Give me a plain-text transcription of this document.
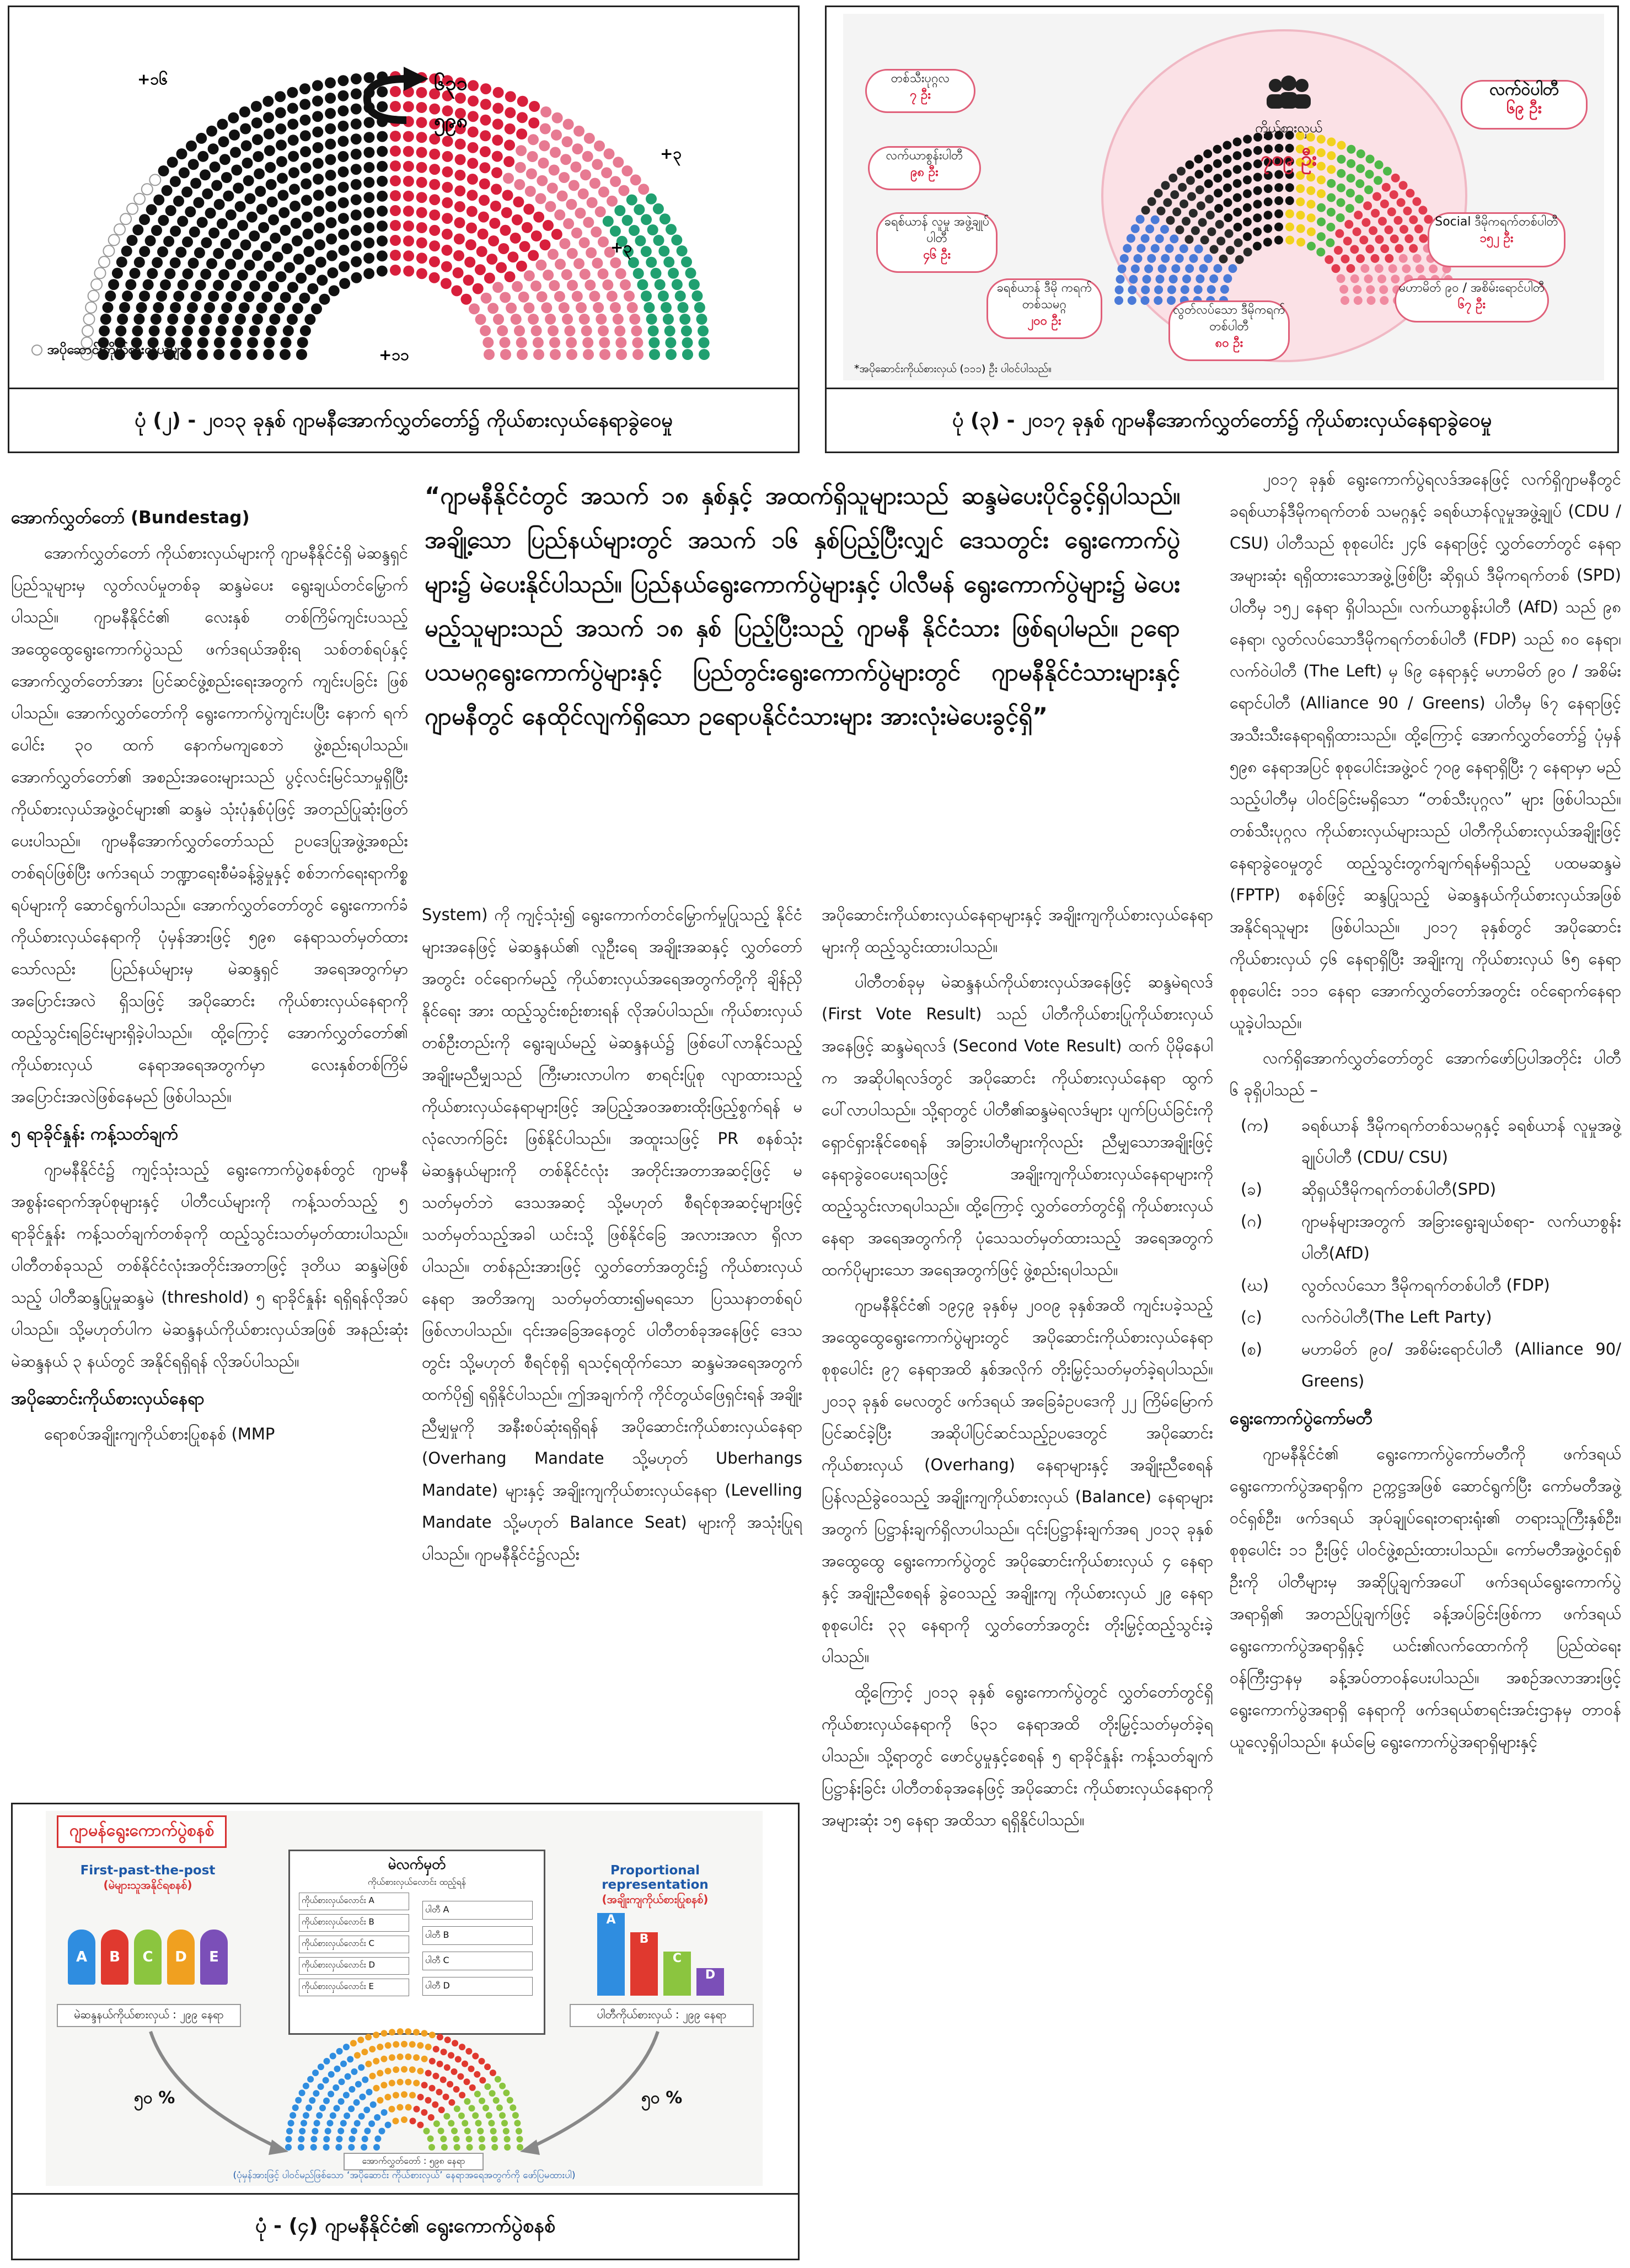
+၁၆
+၃
+၃
+၁၁
၆၃၁
၅၉၈
အပိုဆောင်းကိုယ်စားလှယ်များ
ပုံ (၂) - ၂၀၁၃ ခုနှစ် ဂျာမနီအောက်လွှတ်တော်၌ ကိုယ်စားလှယ်နေရာခွဲဝေမှု
ကိုယ်စားလှယ်
၇၀၉ ဦး
*အပိုဆောင်းကိုယ်စားလှယ် (၁၁၁) ဦး ပါဝင်ပါသည်။
တစ်သီးပုဂ္ဂလ
၇ ဦး
လက်ယာစွန်းပါတီ
၉၈ ဦး
ခရစ်ယာန် လူမှု အဖွဲ့ချုပ်ပါတီ
၄၆ ဦး
ခရစ်ယာန် ဒီမို ကရက်တစ်သမဂ္ဂ
၂၀၀ ဦး
လွတ်လပ်သော ဒီမိုကရက်တစ်ပါတီ
၈၀ ဦး
မဟာမိတ် ၉၀ / အစိမ်းရောင်ပါတီ
၆၇ ဦး
Social ဒီမိုကရက်တစ်ပါတီ
၁၅၂ ဦး
လက်ဝဲပါတီ
၆၉ ဦး
ပုံ (၃) - ၂၀၁၇ ခုနှစ် ဂျာမနီအောက်လွှတ်တော်၌ ကိုယ်စားလှယ်နေရာခွဲဝေမှု
“ဂျာမနီနိုင်ငံတွင် အသက် ၁၈ နှစ်နှင့် အထက်ရှိသူများသည် ဆန္ဒမဲပေးပိုင်ခွင့်ရှိပါသည်။ အချို့သော ပြည်နယ်များတွင် အသက် ၁၆ နှစ်ပြည့်ပြီးလျှင် ဒေသတွင်း ရွေးကောက်ပွဲများ၌ မဲပေးနိုင်ပါသည်။ ပြည်နယ်ရွေးကောက်ပွဲများနှင့် ပါလီမန် ရွေးကောက်ပွဲများ၌ မဲပေးမည့်သူများသည် အသက် ၁၈ နှစ် ပြည့်ပြီးသည့် ဂျာမနီ နိုင်ငံသား ဖြစ်ရပါမည်။ ဥရောပသမဂ္ဂရွေးကောက်ပွဲများနှင့် ပြည်တွင်းရွေးကောက်ပွဲများတွင် ဂျာမနီနိုင်ငံသားများနှင့် ဂျာမနီတွင် နေထိုင်လျက်ရှိသော ဥရောပနိုင်ငံသားများ အားလုံးမဲပေးခွင့်ရှိ”
အောက်လွှတ်တော် (Bundestag)

အောက်လွှတ်တော် ကိုယ်စားလှယ်များကို ဂျာမနီနိုင်ငံရှိ မဲဆန္ဒရှင်ပြည်သူများမှ လွတ်လပ်မှုတစ်ခု ဆန္ဒမဲပေး ရွေးချယ်တင်မြှောက်ပါသည်။ ဂျာမနီနိုင်ငံ၏ လေးနှစ် တစ်ကြိမ်ကျင်းပသည့် အထွေထွေရွေးကောက်ပွဲသည် ဖက်ဒရယ်အစိုးရ သစ်တစ်ရပ်နှင့် အောက်လွှတ်တော်အား ပြင်ဆင်ဖွဲ့စည်းရေးအတွက် ကျင်းပခြင်း ဖြစ်ပါသည်။ အောက်လွှတ်တော်ကို ရွေးကောက်ပွဲကျင်းပပြီး နောက် ရက်ပေါင်း ၃၀ ထက် နောက်မကျစေဘဲ ဖွဲ့စည်းရပါသည်။ အောက်လွှတ်တော်၏ အစည်းအဝေးများသည် ပွင့်လင်းမြင်သာမှုရှိပြီး ကိုယ်စားလှယ်အဖွဲ့ဝင်များ၏ ဆန္ဒမဲ သုံးပုံနှစ်ပုံဖြင့် အတည်ပြုဆုံးဖြတ်ပေးပါသည်။ ဂျာမနီအောက်လွှတ်တော်သည် ဥပဒေပြုအဖွဲ့အစည်းတစ်ရပ်ဖြစ်ပြီး ဖက်ဒရယ် ဘဏ္ဍာရေးစီမံခန့်ခွဲမှုနှင့် စစ်ဘက်ရေးရာကိစ္စရပ်များကို ဆောင်ရွက်ပါသည်။ အောက်လွှတ်တော်တွင် ရွေးကောက်ခံကိုယ်စားလှယ်နေရာကို ပုံမှန်အားဖြင့် ၅၉၈ နေရာသတ်မှတ်ထားသော်လည်း ပြည်နယ်များမှ မဲဆန္ဒရှင် အရေအတွက်မှာ အပြောင်းအလဲ ရှိသဖြင့် အပိုဆောင်း ကိုယ်စားလှယ်နေရာကို ထည့်သွင်းရခြင်းများရှိခဲ့ပါသည်။ ထို့ကြောင့် အောက်လွှတ်တော်၏ ကိုယ်စားလှယ် နေရာအရေအတွက်မှာ လေးနှစ်တစ်ကြိမ် အပြောင်းအလဲဖြစ်နေမည် ဖြစ်ပါသည်။

၅ ရာခိုင်နှုန်း ကန့်သတ်ချက်

ဂျာမနီနိုင်ငံ၌ ကျင့်သုံးသည့် ရွေးကောက်ပွဲစနစ်တွင် ဂျာမနီအစွန်းရောက်အုပ်စုများနှင့် ပါတီငယ်များကို ကန့်သတ်သည့် ၅ ရာခိုင်နှုန်း ကန့်သတ်ချက်တစ်ခုကို ထည့်သွင်းသတ်မှတ်ထားပါသည်။ ပါတီတစ်ခုသည် တစ်နိုင်ငံလုံးအတိုင်းအတာဖြင့် ဒုတိယ ဆန္ဒမဲဖြစ်သည့် ပါတီဆန္ဒပြုမှုဆန္ဒမဲ (threshold) ၅ ရာခိုင်နှုန်း ရရှိရန်လိုအပ်ပါသည်။ သို့မဟုတ်ပါက မဲဆန္ဒနယ်ကိုယ်စားလှယ်အဖြစ် အနည်းဆုံး မဲဆန္ဒနယ် ၃ နယ်တွင် အနိုင်ရရှိရန် လိုအပ်ပါသည်။

အပိုဆောင်းကိုယ်စားလှယ်နေရာ

ရောစပ်အချိုးကျကိုယ်စားပြုစနစ် (MMP

System) ကို ကျင့်သုံး၍ ရွေးကောက်တင်မြှောက်မှုပြုသည့် နိုင်ငံများအနေဖြင့် မဲဆန္ဒနယ်၏ လူဦးရေ အချိုးအဆနှင့် လွှတ်တော်အတွင်း ဝင်ရောက်မည့် ကိုယ်စားလှယ်အရေအတွက်တို့ကို ချိန်ညှိနိုင်ရေး အား ထည့်သွင်းစဉ်းစားရန် လိုအပ်ပါသည်။ ကိုယ်စားလှယ်တစ်ဦးတည်းကို ရွေးချယ်မည့် မဲဆန္ဒနယ်၌ ဖြစ်ပေါ်လာနိုင်သည့် အချိုးမညီမျှသည် ကြီးမားလာပါက စာရင်းပြုစု လျာထားသည့် ကိုယ်စားလှယ်နေရာများဖြင့် အပြည့်အဝအစားထိုးဖြည့်စွက်ရန် မလုံလောက်ခြင်း ဖြစ်နိုင်ပါသည်။ အထူးသဖြင့် PR စနစ်သုံး မဲဆန္ဒနယ်များကို တစ်နိုင်ငံလုံး အတိုင်းအတာအဆင့်ဖြင့် မသတ်မှတ်ဘဲ ဒေသအဆင့် သို့မဟုတ် စီရင်စုအဆင့်များဖြင့် သတ်မှတ်သည့်အခါ ယင်းသို့ ဖြစ်နိုင်ခြေ အလားအလာ ရှိလာပါသည်။ တစ်နည်းအားဖြင့် လွှတ်တော်အတွင်း၌ ကိုယ်စားလှယ်နေရာ အတိအကျ သတ်မှတ်ထား၍မရသော ပြဿနာတစ်ရပ်ဖြစ်လာပါသည်။ ၎င်းအခြေအနေတွင် ပါတီတစ်ခုအနေဖြင့် ဒေသတွင်း သို့မဟုတ် စီရင်စုရှိ ရသင့်ရထိုက်သော ဆန္ဒမဲအရေအတွက်ထက်ပို၍ ရရှိနိုင်ပါသည်။ ဤအချက်ကို ကိုင်တွယ်ဖြေရှင်းရန် အချိုးညီမျှမှုကို အနီးစပ်ဆုံးရရှိရန် အပိုဆောင်းကိုယ်စားလှယ်နေရာ (Overhang Mandate သို့မဟုတ် Uberhangs Mandate) များနှင့် အချိုးကျကိုယ်စားလှယ်နေရာ (Levelling Mandate သို့မဟုတ် Balance Seat) များကို အသုံးပြုရပါသည်။ ဂျာမနီနိုင်ငံ၌လည်း

အပိုဆောင်းကိုယ်စားလှယ်နေရာများနှင့် အချိုးကျကိုယ်စားလှယ်နေရာများကို ထည့်သွင်းထားပါသည်။

ပါတီတစ်ခုမှ မဲဆန္ဒနယ်ကိုယ်စားလှယ်အနေဖြင့် ဆန္ဒမဲရလဒ် (First Vote Result) သည် ပါတီကိုယ်စားပြုကိုယ်စားလှယ်အနေဖြင့် ဆန္ဒမဲရလဒ် (Second Vote Result) ထက် ပိုမိုနေပါက အဆိုပါရလဒ်တွင် အပိုဆောင်း ကိုယ်စားလှယ်နေရာ ထွက်ပေါ်လာပါသည်။ သို့ရာတွင် ပါတီ၏ဆန္ဒမဲရလဒ်များ ပျက်ပြယ်ခြင်းကို ရှောင်ရှားနိုင်စေရန် အခြားပါတီများကိုလည်း ညီမျှသောအချိုးဖြင့် နေရာခွဲဝေပေးရသဖြင့် အချိုးကျကိုယ်စားလှယ်နေရာများကို ထည့်သွင်းလာရပါသည်။ ထို့ကြောင့် လွှတ်တော်တွင်ရှိ ကိုယ်စားလှယ်နေရာ အရေအတွက်ကို ပုံသေသတ်မှတ်ထားသည့် အရေအတွက်ထက်ပိုများသော အရေအတွက်ဖြင့် ဖွဲ့စည်းရပါသည်။

ဂျာမနီနိုင်ငံ၏ ၁၉၄၉ ခုနှစ်မှ ၂၀၀၉ ခုနှစ်အထိ ကျင်းပခဲ့သည့် အထွေထွေရွေးကောက်ပွဲများတွင် အပိုဆောင်းကိုယ်စားလှယ်နေရာ စုစုပေါင်း ၉၇ နေရာအထိ နှစ်အလိုက် တိုးမြှင့်သတ်မှတ်ခဲ့ရပါသည်။ ၂၀၁၃ ခုနှစ် မေလတွင် ဖက်ဒရယ် အခြေခံဥပဒေကို ၂၂ ကြိမ်မြောက် ပြင်ဆင်ခဲ့ပြီး အဆိုပါပြင်ဆင်သည့်ဥပဒေတွင် အပိုဆောင်း ကိုယ်စားလှယ် (Overhang) နေရာများနှင့် အချိုးညီစေရန် ပြန်လည်ခွဲဝေသည့် အချိုးကျကိုယ်စားလှယ် (Balance) နေရာများအတွက် ပြဋ္ဌာန်းချက်ရှိလာပါသည်။ ၎င်းပြဋ္ဌာန်းချက်အရ ၂၀၁၃ ခုနှစ် အထွေထွေ ရွေးကောက်ပွဲတွင် အပိုဆောင်းကိုယ်စားလှယ် ၄ နေရာနှင့် အချိုးညီစေရန် ခွဲဝေသည့် အချိုးကျ ကိုယ်စားလှယ် ၂၉ နေရာ စုစုပေါင်း ၃၃ နေရာကို လွှတ်တော်အတွင်း တိုးမြှင့်ထည့်သွင်းခဲ့ပါသည်။

ထို့ကြောင့် ၂၀၁၃ ခုနှစ် ရွေးကောက်ပွဲတွင် လွှတ်တော်တွင်ရှိ ကိုယ်စားလှယ်နေရာကို ၆၃၁ နေရာအထိ တိုးမြှင့်သတ်မှတ်ခဲ့ရပါသည်။ သို့ရာတွင် ဖောင်ပွမှုနှင့်စေရန် ၅ ရာခိုင်နှုန်း ကန့်သတ်ချက် ပြဋ္ဌာန်းခြင်း ပါတီတစ်ခုအနေဖြင့် အပိုဆောင်း ကိုယ်စားလှယ်နေရာကို အများဆုံး ၁၅ နေရာ အထိသာ ရရှိနိုင်ပါသည်။

၂၀၁၇ ခုနှစ် ရွေးကောက်ပွဲရလဒ်အနေဖြင့် လက်ရှိဂျာမနီတွင် ခရစ်ယာန်ဒီမိုကရက်တစ် သမဂ္ဂနှင့် ခရစ်ယာန်လူမှုအဖွဲ့ချုပ် (CDU / CSU) ပါတီသည် စုစုပေါင်း ၂၄၆ နေရာဖြင့် လွှတ်တော်တွင် နေရာအများဆုံး ရရှိထားသောအဖွဲ့ဖြစ်ပြီး ဆိုရှယ် ဒီမိုကရက်တစ် (SPD) ပါတီမှ ၁၅၂ နေရာ ရှိပါသည်။ လက်ယာစွန်းပါတီ (AfD) သည် ၉၈ နေရာ၊ လွတ်လပ်သောဒီမိုကရက်တစ်ပါတီ (FDP) သည် ၈၀ နေရာ၊ လက်ဝဲပါတီ (The Left) မှ ၆၉ နေရာနှင့် မဟာမိတ် ၉၀ / အစိမ်းရောင်ပါတီ (Alliance 90 / Greens) ပါတီမှ ၆၇ နေရာဖြင့် အသီးသီးနေရာရရှိထားသည်။ ထို့ကြောင့် အောက်လွှတ်တော်၌ ပုံမှန် ၅၉၈ နေရာအပြင် စုစုပေါင်းအဖွဲ့ဝင် ၇၀၉ နေရာရှိပြီး ၇ နေရာမှာ မည်သည့်ပါတီမှ ပါဝင်ခြင်းမရှိသော “တစ်သီးပုဂ္ဂလ” များ ဖြစ်ပါသည်။ တစ်သီးပုဂ္ဂလ ကိုယ်စားလှယ်များသည် ပါတီကိုယ်စားလှယ်အချိုးဖြင့် နေရာခွဲဝေမှုတွင် ထည့်သွင်းတွက်ချက်ရန်မရှိသည့် ပထမဆန္ဒမဲ (FPTP) စနစ်ဖြင့် ဆန္ဒပြုသည့် မဲဆန္ဒနယ်ကိုယ်စားလှယ်အဖြစ် အနိုင်ရသူများ ဖြစ်ပါသည်။ ၂၀၁၇ ခုနှစ်တွင် အပိုဆောင်း ကိုယ်စားလှယ် ၄၆ နေရာရှိပြီး အချိုးကျ ကိုယ်စားလှယ် ၆၅ နေရာ စုစုပေါင်း ၁၁၁ နေရာ အောက်လွှတ်တော်အတွင်း ဝင်ရောက်နေရာယူခဲ့ပါသည်။

လက်ရှိအောက်လွှတ်တော်တွင် အောက်ဖော်ပြပါအတိုင်း ပါတီ ၆ ခုရှိပါသည် –

(က)	ခရစ်ယာန် ဒီမိုကရက်တစ်သမဂ္ဂနှင့် ခရစ်ယာန် လူမှုအဖွဲ့ချုပ်ပါတီ (CDU/ CSU)
(ခ)	ဆိုရှယ်ဒီမိုကရက်တစ်ပါတီ(SPD)
(ဂ)	ဂျာမန်များအတွက် အခြားရွေးချယ်စရာ- လက်ယာစွန်းပါတီ(AfD)
(ဃ)	လွတ်လပ်သော ဒီမိုကရက်တစ်ပါတီ (FDP)
(င)	လက်ဝဲပါတီ(The Left Party)
(စ)	မဟာမိတ် ၉၀/ အစိမ်းရောင်ပါတီ (Alliance 90/ Greens)
ရွေးကောက်ပွဲကော်မတီ

ဂျာမနီနိုင်ငံ၏ ရွေးကောက်ပွဲကော်မတီကို ဖက်ဒရယ်ရွေးကောက်ပွဲအရာရှိက ဥက္ကဋ္ဌအဖြစ် ဆောင်ရွက်ပြီး ကော်မတီအဖွဲ့ဝင်ရှစ်ဦး၊ ဖက်ဒရယ် အုပ်ချုပ်ရေးတရားရုံး၏ တရားသူကြီးနှစ်ဦး၊ စုစုပေါင်း ၁၁ ဦးဖြင့် ပါဝင်ဖွဲ့စည်းထားပါသည်။ ကော်မတီအဖွဲ့ဝင်ရှစ်ဦးကို ပါတီများမှ အဆိုပြုချက်အပေါ် ဖက်ဒရယ်ရွေးကောက်ပွဲအရာရှိ၏ အတည်ပြုချက်ဖြင့် ခန့်အပ်ခြင်းဖြစ်ကာ ဖက်ဒရယ် ရွေးကောက်ပွဲအရာရှိနှင့် ယင်း၏လက်ထောက်ကို ပြည်ထဲရေးဝန်ကြီးဌာနမှ ခန့်အပ်တာဝန်ပေးပါသည်။ အစဉ်အလာအားဖြင့် ရွေးကောက်ပွဲအရာရှိ နေရာကို ဖက်ဒရယ်စာရင်းအင်းဌာနမှ တာဝန်ယူလေ့ရှိပါသည်။ နယ်မြေ ရွေးကောက်ပွဲအရာရှိများနှင့်

ဂျာမန်ရွေးကောက်ပွဲစနစ်
First-past-the-post
(မဲများသူအနိုင်ရစနစ်)
A	B	C	D	E
မဲဆန္ဒနယ်ကိုယ်စားလှယ် : ၂၉၉ နေရာ
မဲလက်မှတ်
ကိုယ်စားလှယ်လောင်း ထည့်ရန်
ကိုယ်စားလှယ်လောင်း A
ကိုယ်စားလှယ်လောင်း B
ကိုယ်စားလှယ်လောင်း C
ကိုယ်စားလှယ်လောင်း D
ကိုယ်စားလှယ်လောင်း E
ပါတီ A
ပါတီ B
ပါတီ C
ပါတီ D
Proportional representation
(အချိုးကျကိုယ်စားပြုစနစ်)
A
B
C
D
ပါတီကိုယ်စားလှယ် : ၂၉၉ နေရာ
၅၀ %	၅၀ %
အောက်လွှတ်တော် : ၅၉၈ နေရာ
(ပုံမှန်အားဖြင့် ပါဝင်မည်ဖြစ်သော ‘အပိုဆောင်း ကိုယ်စားလှယ်’ နေရာအရေအတွက်ကို ဖော်ပြမထားပါ)
ပုံ - (၄) ဂျာမနီနိုင်ငံ၏ ရွေးကောက်ပွဲစနစ်
